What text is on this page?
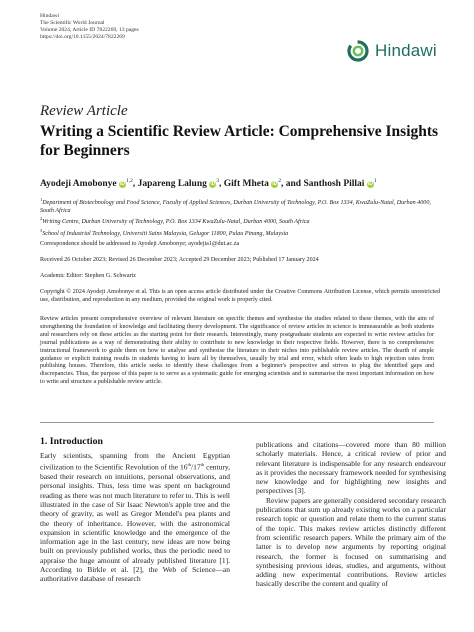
Hindawi
The Scientific World Journal
Volume 2024, Article ID 7822269, 13 pages
https://doi.org/10.1155/2024/7822269
Hindawi
Review Article
Writing a Scientific Review Article: Comprehensive Insights for Beginners
Ayodeji Amobonye iD$^{1,2}$, Japareng Lalung $iD^3$, Gift Mheta $iD^2$, and Santhosh Pillai $iD^1$
$^1$Department of Biotechnology and Food Science, Faculty of Applied Sciences, Durban University of Technology, P.O. Box 1334, KwaZulu-Natal, Durban 4000, South Africa
$^2$Writing Centre, Durban University of Technology, P.O. Box 1334 KwaZulu-Natal, Durban 4000, South Africa
$^3$School of Industrial Technology, Universiti Sains Malaysia, Gelugor 11800, Pulau Pinang, Malaysia
Correspondence should be addressed to Ayodeji Amobonye; ayodejia1@dut.ac.za
Received 26 October 2023; Revised 26 December 2023; Accepted 29 December 2023; Published 17 January 2024
Academic Editor: Stephen G. Schwartz
Copyright © 2024 Ayodeji Amobonye et al. This is an open access article distributed under the Creative Commons Attribution License, which permits unrestricted use, distribution, and reproduction in any medium, provided the original work is properly cited.
Review articles present comprehensive overview of relevant literature on specific themes and synthesise the studies related to these themes, with the aim of strengthening the foundation of knowledge and facilitating theory development. The significance of review articles in science is immeasurable as both students and researchers rely on these articles as the starting point for their research. Interestingly, many postgraduate students are expected to write review articles for journal publications as a way of demonstrating their ability to contribute to new knowledge in their respective fields. However, there is no comprehensive instructional framework to guide them on how to analyse and synthesise the literature in their niches into publishable review articles. The dearth of ample guidance or explicit training results in students having to learn all by themselves, usually by trial and error, which often leads to high rejection rates from publishing houses. Therefore, this article seeks to identify these challenges from a beginner's perspective and strives to plug the identified gaps and discrepancies. Thus, the purpose of this paper is to serve as a systematic guide for emerging scientists and to summarise the most important information on how to write and structure a publishable review article.
1. Introduction

Early scientists, spanning from the Ancient Egyptian civilization to the Scientific Revolution of the 16th/17th century, based their research on intuitions, personal observations, and personal insights. Thus, less time was spent on background reading as there was not much literature to refer to. This is well illustrated in the case of Sir Isaac Newton's apple tree and the theory of gravity, as well as Gregor Mendel's pea plants and the theory of inheritance. However, with the astronomical expansion in scientific knowledge and the emergence of the information age in the last century, new ideas are now being built on previously published works, thus the periodic need to appraise the huge amount of already published literature [1]. According to Birkle et al. [2], the Web of Science—an authoritative database of research

publications and citations—covered more than 80 million scholarly materials. Hence, a critical review of prior and relevant literature is indispensable for any research endeavour as it provides the necessary framework needed for synthesising new knowledge and for highlighting new insights and perspectives [3].

Review papers are generally considered secondary research publications that sum up already existing works on a particular research topic or question and relate them to the current status of the topic. This makes review articles distinctly different from scientific research papers. While the primary aim of the latter is to develop new arguments by reporting original research, the former is focused on summarising and synthesising previous ideas, studies, and arguments, without adding new experimental contributions. Review articles basically describe the content and quality of
